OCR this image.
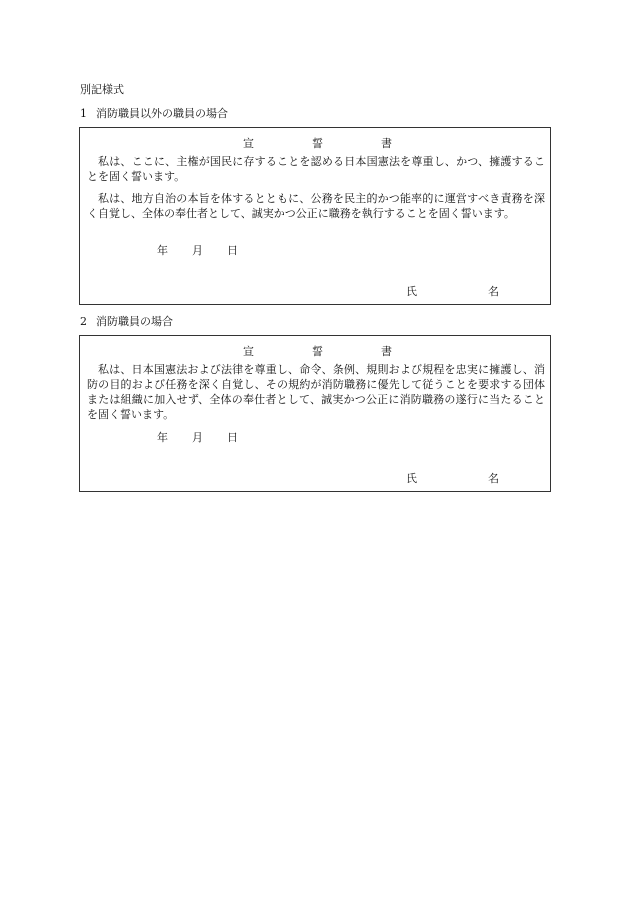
別記様式
1 消防職員以外の職員の場合
宣	誓	書

私は、ここに、主権が国民に存することを認める日本国憲法を尊重し、かつ、擁護することを固く誓います。

私は、地方自治の本旨を体するとともに、公務を民主的かつ能率的に運営すべき責務を深く自覚し、全体の奉仕者として、誠実かつ公正に職務を執行することを固く誓います。

年 月 日
氏	名
2 消防職員の場合
宣	誓	書

私は、日本国憲法および法律を尊重し、命令、条例、規則および規程を忠実に擁護し、消防の目的および任務を深く自覚し、その規約が消防職務に優先して従うことを要求する団体または組織に加入せず、全体の奉仕者として、誠実かつ公正に消防職務の遂行に当たることを固く誓います。

年 月 日
氏	名
